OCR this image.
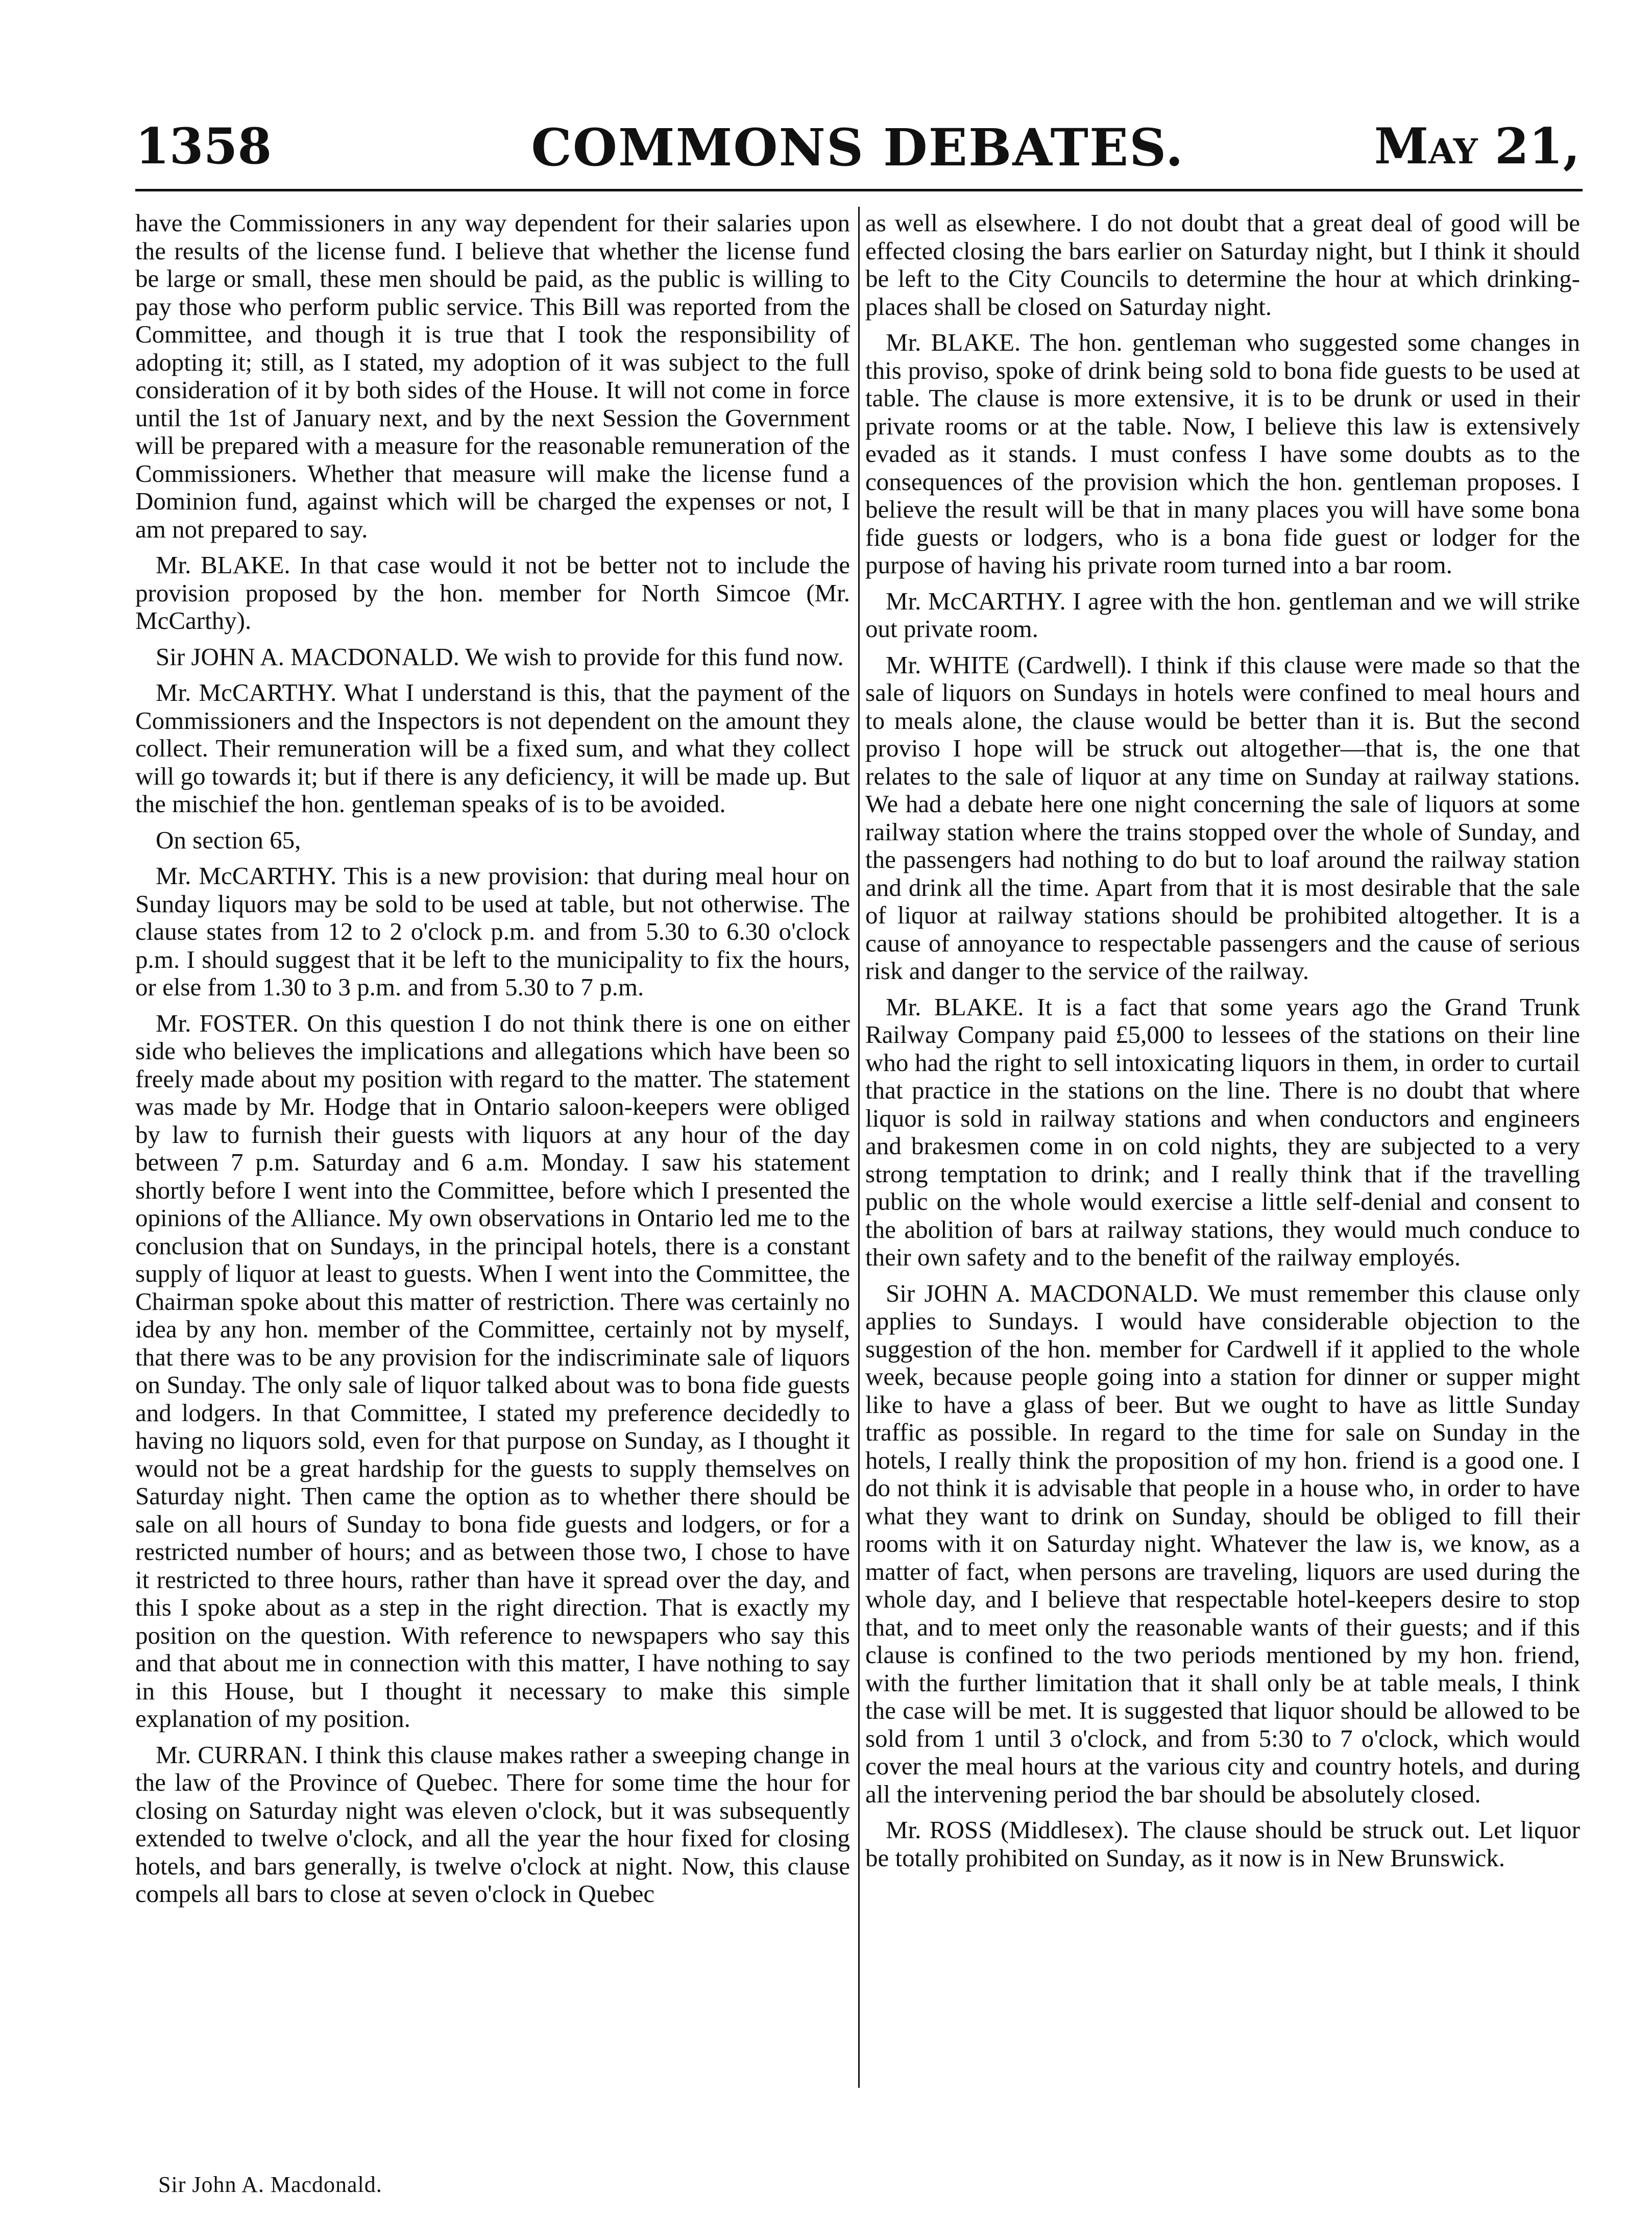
1358	COMMONS DEBATES.	May 21,

have the Commissioners in any way dependent for their salaries upon the results of the license fund. I believe that whether the license fund be large or small, these men should be paid, as the public is willing to pay those who perform public service. This Bill was reported from the Committee, and though it is true that I took the responsibility of adopting it; still, as I stated, my adoption of it was subject to the full consideration of it by both sides of the House. It will not come in force until the 1st of January next, and by the next Session the Government will be prepared with a measure for the reasonable remuneration of the Commissioners. Whether that measure will make the license fund a Dominion fund, against which will be charged the expenses or not, I am not prepared to say.

Mr. BLAKE. In that case would it not be better not to include the provision proposed by the hon. member for North Simcoe (Mr. McCarthy).

Sir JOHN A. MACDONALD. We wish to provide for this fund now.

Mr. McCARTHY. What I understand is this, that the payment of the Commissioners and the Inspectors is not dependent on the amount they collect. Their remuneration will be a fixed sum, and what they collect will go towards it; but if there is any deficiency, it will be made up. But the mischief the hon. gentleman speaks of is to be avoided.

On section 65,

Mr. McCARTHY. This is a new provision: that during meal hour on Sunday liquors may be sold to be used at table, but not otherwise. The clause states from 12 to 2 o'clock p.m. and from 5.30 to 6.30 o'clock p.m. I should suggest that it be left to the municipality to fix the hours, or else from 1.30 to 3 p.m. and from 5.30 to 7 p.m.

Mr. FOSTER. On this question I do not think there is one on either side who believes the implications and allegations which have been so freely made about my position with regard to the matter. The statement was made by Mr. Hodge that in Ontario saloon-keepers were obliged by law to furnish their guests with liquors at any hour of the day between 7 p.m. Saturday and 6 a.m. Monday. I saw his statement shortly before I went into the Committee, before which I presented the opinions of the Alliance. My own observations in Ontario led me to the conclusion that on Sundays, in the principal hotels, there is a constant supply of liquor at least to guests. When I went into the Committee, the Chairman spoke about this matter of restriction. There was certainly no idea by any hon. member of the Committee, certainly not by myself, that there was to be any provision for the indiscriminate sale of liquors on Sunday. The only sale of liquor talked about was to bona fide guests and lodgers. In that Committee, I stated my preference decidedly to having no liquors sold, even for that purpose on Sunday, as I thought it would not be a great hardship for the guests to supply themselves on Saturday night. Then came the option as to whether there should be sale on all hours of Sunday to bona fide guests and lodgers, or for a restricted number of hours; and as between those two, I chose to have it restricted to three hours, rather than have it spread over the day, and this I spoke about as a step in the right direction. That is exactly my position on the question. With reference to newspapers who say this and that about me in connection with this matter, I have nothing to say in this House, but I thought it necessary to make this simple explanation of my position.

Mr. CURRAN. I think this clause makes rather a sweeping change in the law of the Province of Quebec. There for some time the hour for closing on Saturday night was eleven o'clock, but it was subsequently extended to twelve o'clock, and all the year the hour fixed for closing hotels, and bars generally, is twelve o'clock at night. Now, this clause compels all bars to close at seven o'clock in Quebec

as well as elsewhere. I do not doubt that a great deal of good will be effected closing the bars earlier on Saturday night, but I think it should be left to the City Councils to determine the hour at which drinking-places shall be closed on Saturday night.

Mr. BLAKE. The hon. gentleman who suggested some changes in this proviso, spoke of drink being sold to bona fide guests to be used at table. The clause is more extensive, it is to be drunk or used in their private rooms or at the table. Now, I believe this law is extensively evaded as it stands. I must confess I have some doubts as to the consequences of the provision which the hon. gentleman proposes. I believe the result will be that in many places you will have some bona fide guests or lodgers, who is a bona fide guest or lodger for the purpose of having his private room turned into a bar room.

Mr. McCARTHY. I agree with the hon. gentleman and we will strike out private room.

Mr. WHITE (Cardwell). I think if this clause were made so that the sale of liquors on Sundays in hotels were confined to meal hours and to meals alone, the clause would be better than it is. But the second proviso I hope will be struck out altogether—that is, the one that relates to the sale of liquor at any time on Sunday at railway stations. We had a debate here one night concerning the sale of liquors at some railway station where the trains stopped over the whole of Sunday, and the passengers had nothing to do but to loaf around the railway station and drink all the time. Apart from that it is most desirable that the sale of liquor at railway stations should be prohibited altogether. It is a cause of annoyance to respectable passengers and the cause of serious risk and danger to the service of the railway.

Mr. BLAKE. It is a fact that some years ago the Grand Trunk Railway Company paid £5,000 to lessees of the stations on their line who had the right to sell intoxicating liquors in them, in order to curtail that practice in the stations on the line. There is no doubt that where liquor is sold in railway stations and when conductors and engineers and brakesmen come in on cold nights, they are subjected to a very strong temptation to drink; and I really think that if the travelling public on the whole would exercise a little self-denial and consent to the abolition of bars at railway stations, they would much conduce to their own safety and to the benefit of the railway employés.

Sir JOHN A. MACDONALD. We must remember this clause only applies to Sundays. I would have considerable objection to the suggestion of the hon. member for Cardwell if it applied to the whole week, because people going into a station for dinner or supper might like to have a glass of beer. But we ought to have as little Sunday traffic as possible. In regard to the time for sale on Sunday in the hotels, I really think the proposition of my hon. friend is a good one. I do not think it is advisable that people in a house who, in order to have what they want to drink on Sunday, should be obliged to fill their rooms with it on Saturday night. Whatever the law is, we know, as a matter of fact, when persons are traveling, liquors are used during the whole day, and I believe that respectable hotel-keepers desire to stop that, and to meet only the reasonable wants of their guests; and if this clause is confined to the two periods mentioned by my hon. friend, with the further limitation that it shall only be at table meals, I think the case will be met. It is suggested that liquor should be allowed to be sold from 1 until 3 o'clock, and from 5:30 to 7 o'clock, which would cover the meal hours at the various city and country hotels, and during all the intervening period the bar should be absolutely closed.

Mr. ROSS (Middlesex). The clause should be struck out. Let liquor be totally prohibited on Sunday, as it now is in New Brunswick.

Sir John A. Macdonald.
